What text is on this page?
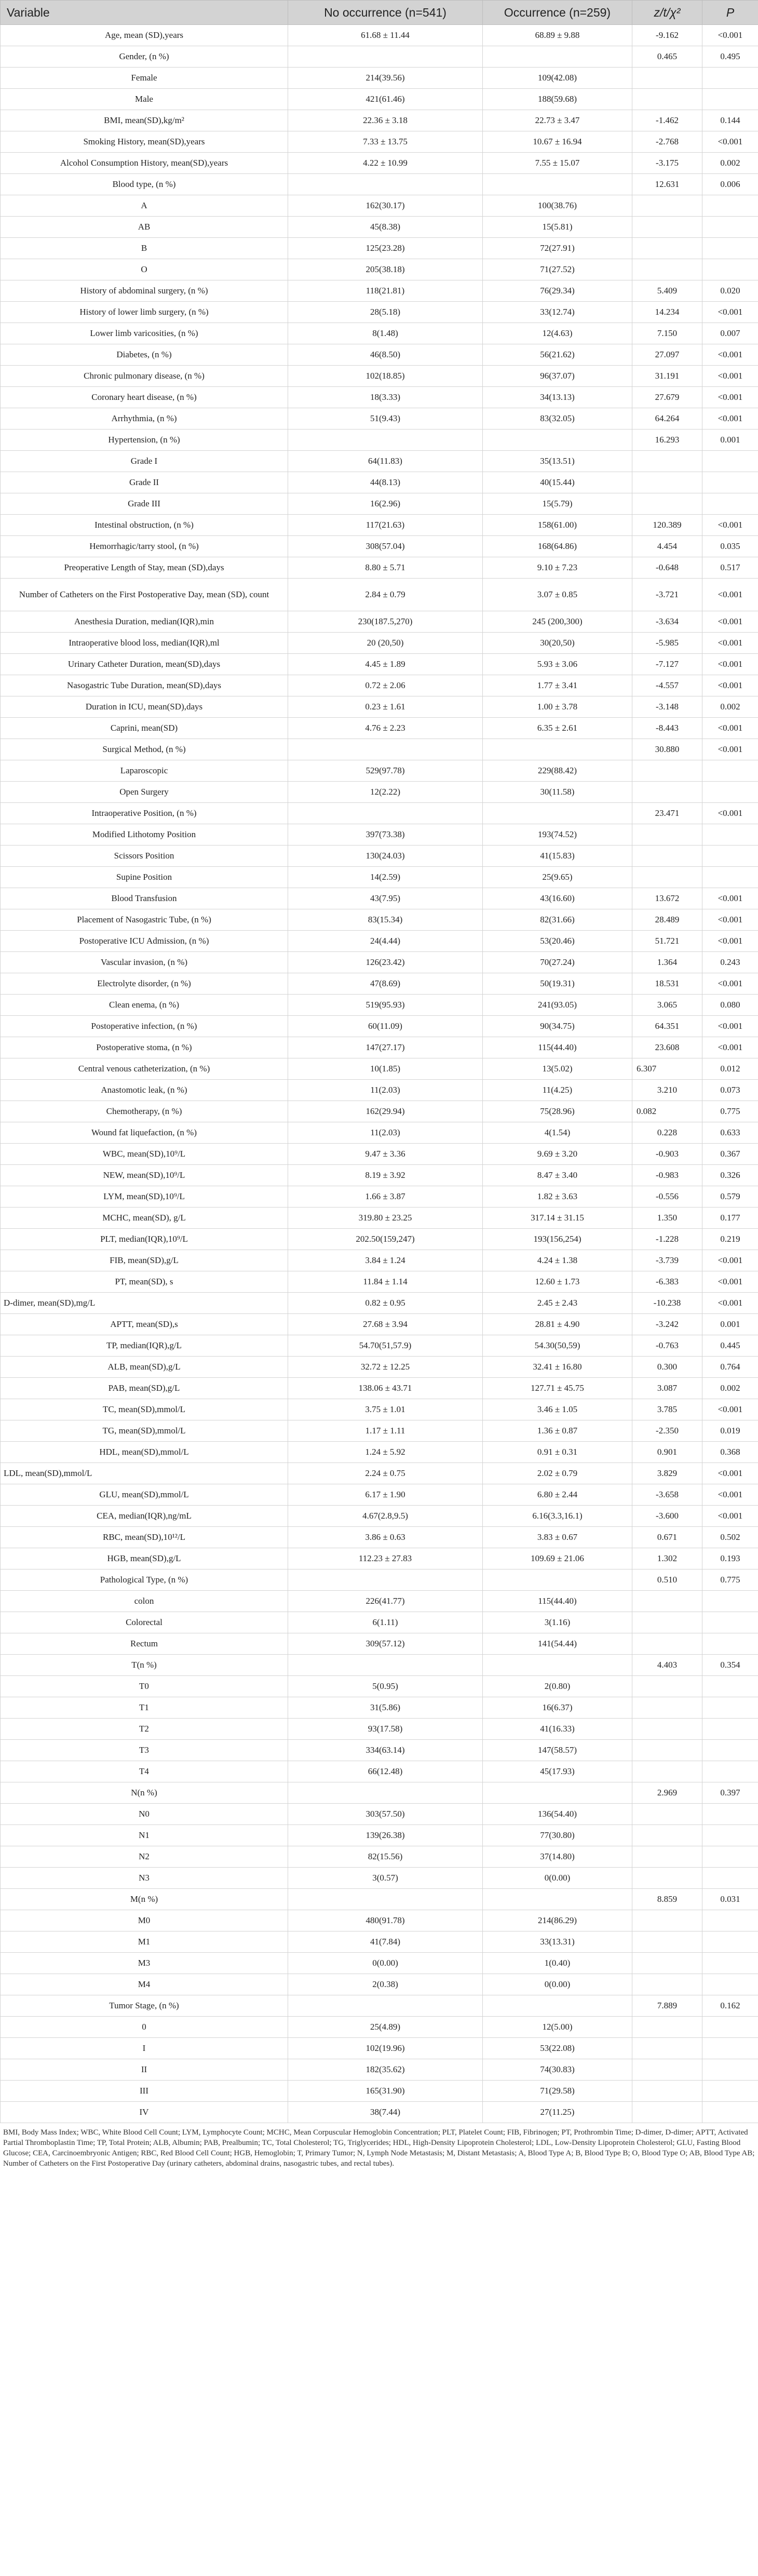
Variable	No occurrence (n=541)	Occurrence (n=259)	z/t/χ²	P
Age, mean (SD),years	61.68 ± 11.44	68.89 ± 9.88	-9.162	<0.001
Gender, (n %)			0.465	0.495
Female	214(39.56)	109(42.08)		
Male	421(61.46)	188(59.68)		
BMI, mean(SD),kg/m²	22.36 ± 3.18	22.73 ± 3.47	-1.462	0.144
Smoking History, mean(SD),years	7.33 ± 13.75	10.67 ± 16.94	-2.768	<0.001
Alcohol Consumption History, mean(SD),years	4.22 ± 10.99	7.55 ± 15.07	-3.175	0.002
Blood type, (n %)			12.631	0.006
A	162(30.17)	100(38.76)		
AB	45(8.38)	15(5.81)		
B	125(23.28)	72(27.91)		
O	205(38.18)	71(27.52)		
History of abdominal surgery, (n %)	118(21.81)	76(29.34)	5.409	0.020
History of lower limb surgery, (n %)	28(5.18)	33(12.74)	14.234	<0.001
Lower limb varicosities, (n %)	8(1.48)	12(4.63)	7.150	0.007
Diabetes, (n %)	46(8.50)	56(21.62)	27.097	<0.001
Chronic pulmonary disease, (n %)	102(18.85)	96(37.07)	31.191	<0.001
Coronary heart disease, (n %)	18(3.33)	34(13.13)	27.679	<0.001
Arrhythmia, (n %)	51(9.43)	83(32.05)	64.264	<0.001
Hypertension, (n %)			16.293	0.001
Grade I	64(11.83)	35(13.51)		
Grade II	44(8.13)	40(15.44)		
Grade III	16(2.96)	15(5.79)		
Intestinal obstruction, (n %)	117(21.63)	158(61.00)	120.389	<0.001
Hemorrhagic/tarry stool, (n %)	308(57.04)	168(64.86)	4.454	0.035
Preoperative Length of Stay, mean (SD),days	8.80 ± 5.71	9.10 ± 7.23	-0.648	0.517
Number of Catheters on the First Postoperative Day, mean (SD), count	2.84 ± 0.79	3.07 ± 0.85	-3.721	<0.001
Anesthesia Duration, median(IQR),min	230(187.5,270)	245 (200,300)	-3.634	<0.001
Intraoperative blood loss, median(IQR),ml	20 (20,50)	30(20,50)	-5.985	<0.001
Urinary Catheter Duration, mean(SD),days	4.45 ± 1.89	5.93 ± 3.06	-7.127	<0.001
Nasogastric Tube Duration, mean(SD),days	0.72 ± 2.06	1.77 ± 3.41	-4.557	<0.001
Duration in ICU, mean(SD),days	0.23 ± 1.61	1.00 ± 3.78	-3.148	0.002
Caprini, mean(SD)	4.76 ± 2.23	6.35 ± 2.61	-8.443	<0.001
Surgical Method, (n %)			30.880	<0.001
Laparoscopic	529(97.78)	229(88.42)		
Open Surgery	12(2.22)	30(11.58)		
Intraoperative Position, (n %)			23.471	<0.001
Modified Lithotomy Position	397(73.38)	193(74.52)		
Scissors Position	130(24.03)	41(15.83)		
Supine Position	14(2.59)	25(9.65)		
Blood Transfusion	43(7.95)	43(16.60)	13.672	<0.001
Placement of Nasogastric Tube, (n %)	83(15.34)	82(31.66)	28.489	<0.001
Postoperative ICU Admission, (n %)	24(4.44)	53(20.46)	51.721	<0.001
Vascular invasion, (n %)	126(23.42)	70(27.24)	1.364	0.243
Electrolyte disorder, (n %)	47(8.69)	50(19.31)	18.531	<0.001
Clean enema, (n %)	519(95.93)	241(93.05)	3.065	0.080
Postoperative infection, (n %)	60(11.09)	90(34.75)	64.351	<0.001
Postoperative stoma, (n %)	147(27.17)	115(44.40)	23.608	<0.001
Central venous catheterization, (n %)	10(1.85)	13(5.02)	6.307	0.012
Anastomotic leak, (n %)	11(2.03)	11(4.25)	3.210	0.073
Chemotherapy, (n %)	162(29.94)	75(28.96)	0.082	0.775
Wound fat liquefaction, (n %)	11(2.03)	4(1.54)	0.228	0.633
WBC, mean(SD),10⁹/L	9.47 ± 3.36	9.69 ± 3.20	-0.903	0.367
NEW, mean(SD),10⁹/L	8.19 ± 3.92	8.47 ± 3.40	-0.983	0.326
LYM, mean(SD),10⁹/L	1.66 ± 3.87	1.82 ± 3.63	-0.556	0.579
MCHC, mean(SD), g/L	319.80 ± 23.25	317.14 ± 31.15	1.350	0.177
PLT, median(IQR),10⁹/L	202.50(159,247)	193(156,254)	-1.228	0.219
FIB, mean(SD),g/L	3.84 ± 1.24	4.24 ± 1.38	-3.739	<0.001
PT, mean(SD), s	11.84 ± 1.14	12.60 ± 1.73	-6.383	<0.001
D-dimer, mean(SD),mg/L	0.82 ± 0.95	2.45 ± 2.43	-10.238	<0.001
APTT, mean(SD),s	27.68 ± 3.94	28.81 ± 4.90	-3.242	0.001
TP, median(IQR),g/L	54.70(51,57.9)	54.30(50,59)	-0.763	0.445
ALB, mean(SD),g/L	32.72 ± 12.25	32.41 ± 16.80	0.300	0.764
PAB, mean(SD),g/L	138.06 ± 43.71	127.71 ± 45.75	3.087	0.002
TC, mean(SD),mmol/L	3.75 ± 1.01	3.46 ± 1.05	3.785	<0.001
TG, mean(SD),mmol/L	1.17 ± 1.11	1.36 ± 0.87	-2.350	0.019
HDL, mean(SD),mmol/L	1.24 ± 5.92	0.91 ± 0.31	0.901	0.368
LDL, mean(SD),mmol/L	2.24 ± 0.75	2.02 ± 0.79	3.829	<0.001
GLU, mean(SD),mmol/L	6.17 ± 1.90	6.80 ± 2.44	-3.658	<0.001
CEA, median(IQR),ng/mL	4.67(2.8,9.5)	6.16(3.3,16.1)	-3.600	<0.001
RBC, mean(SD),10¹²/L	3.86 ± 0.63	3.83 ± 0.67	0.671	0.502
HGB, mean(SD),g/L	112.23 ± 27.83	109.69 ± 21.06	1.302	0.193
Pathological Type, (n %)			0.510	0.775
colon	226(41.77)	115(44.40)		
Colorectal	6(1.11)	3(1.16)		
Rectum	309(57.12)	141(54.44)		
T(n %)			4.403	0.354
T0	5(0.95)	2(0.80)		
T1	31(5.86)	16(6.37)		
T2	93(17.58)	41(16.33)		
T3	334(63.14)	147(58.57)		
T4	66(12.48)	45(17.93)		
N(n %)			2.969	0.397
N0	303(57.50)	136(54.40)		
N1	139(26.38)	77(30.80)		
N2	82(15.56)	37(14.80)		
N3	3(0.57)	0(0.00)		
M(n %)			8.859	0.031
M0	480(91.78)	214(86.29)		
M1	41(7.84)	33(13.31)		
M3	0(0.00)	1(0.40)		
M4	2(0.38)	0(0.00)		
Tumor Stage, (n %)			7.889	0.162
0	25(4.89)	12(5.00)		
I	102(19.96)	53(22.08)		
II	182(35.62)	74(30.83)		
III	165(31.90)	71(29.58)		
IV	38(7.44)	27(11.25)		
BMI, Body Mass Index; WBC, White Blood Cell Count; LYM, Lymphocyte Count; MCHC, Mean Corpuscular Hemoglobin Concentration; PLT, Platelet Count; FIB, Fibrinogen; PT, Prothrombin Time; D-dimer, D-dimer; APTT, Activated Partial Thromboplastin Time; TP, Total Protein; ALB, Albumin; PAB, Prealbumin; TC, Total Cholesterol; TG, Triglycerides; HDL, High-Density Lipoprotein Cholesterol; LDL, Low-Density Lipoprotein Cholesterol; GLU, Fasting Blood Glucose; CEA, Carcinoembryonic Antigen; RBC, Red Blood Cell Count; HGB, Hemoglobin; T, Primary Tumor; N, Lymph Node Metastasis; M, Distant Metastasis; A, Blood Type A; B, Blood Type B; O, Blood Type O; AB, Blood Type AB; Number of Catheters on the First Postoperative Day (urinary catheters, abdominal drains, nasogastric tubes, and rectal tubes).
